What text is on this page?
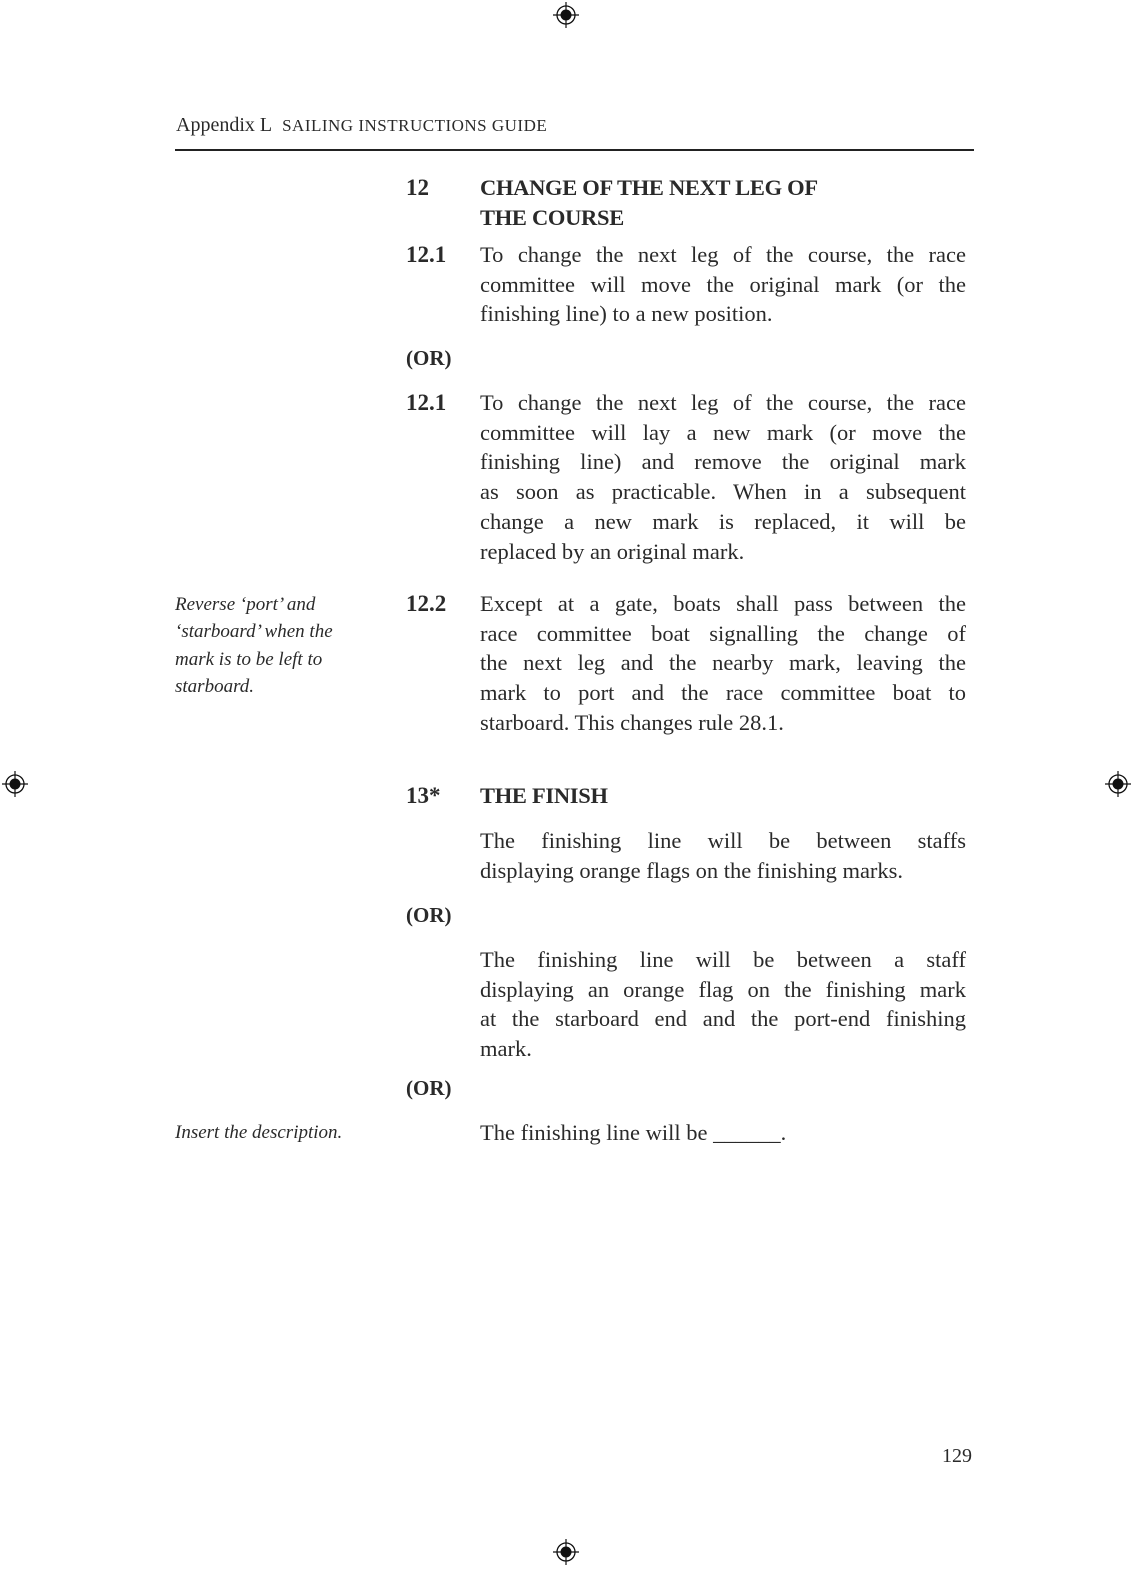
Appendix L SAILING INSTRUCTIONS GUIDE
12 CHANGE OF THE NEXT LEG OF
THE COURSE
12.1 To change the next leg of the course, the race
committee will move the original mark (or the
finishing line) to a new position.
(OR)
12.1 To change the next leg of the course, the race
committee will lay a new mark (or move the
finishing line) and remove the original mark
as soon as practicable. When in a subsequent
change a new mark is replaced, it will be
replaced by an original mark.
Reverse ‘port’ and
‘starboard’ when the
mark is to be left to
starboard.
12.2 Except at a gate, boats shall pass between the
race committee boat signalling the change of
the next leg and the nearby mark, leaving the
mark to port and the race committee boat to
starboard. This changes rule 28.1.
13* THE FINISH
The finishing line will be between staffs
displaying orange flags on the finishing marks.
(OR)
The finishing line will be between a staff
displaying an orange flag on the finishing mark
at the starboard end and the port-end finishing
mark.
(OR)
Insert the description.	The finishing line will be ______.
129
